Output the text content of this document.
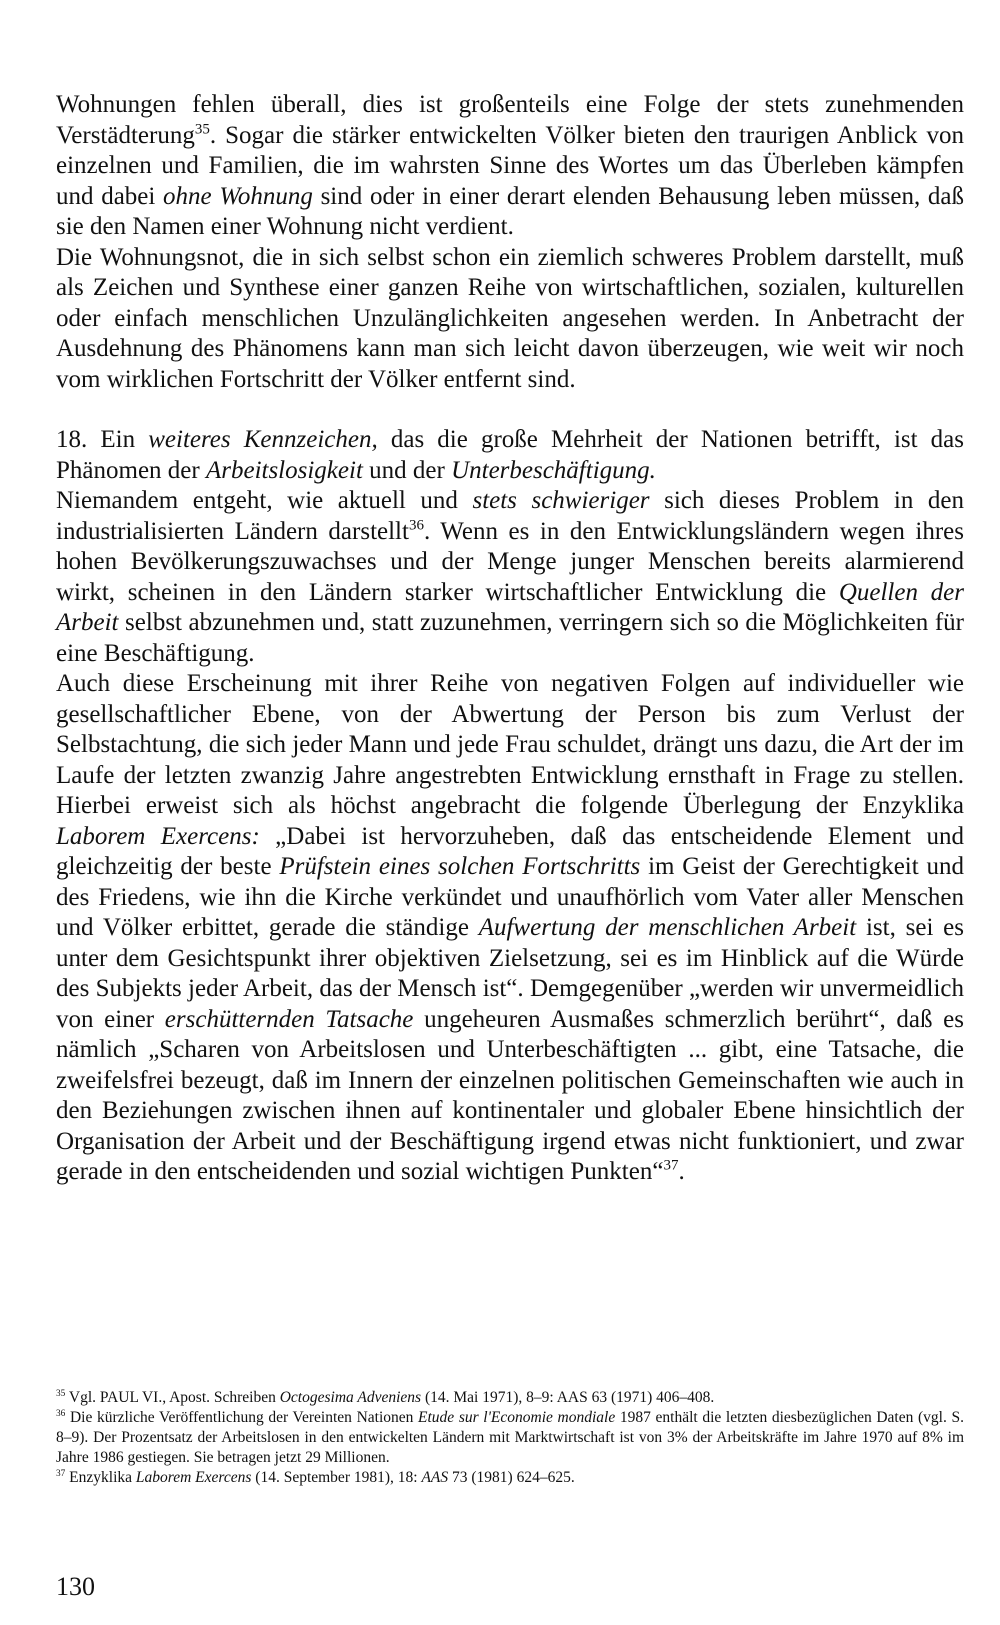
Wohnungen fehlen überall, dies ist großenteils eine Folge der stets zunehmenden Verstädterung$^{35}$. Sogar die stärker entwickelten Völker bieten den traurigen Anblick von einzelnen und Familien, die im wahrsten Sinne des Wortes um das Überleben kämpfen und dabei ohne Wohnung sind oder in einer derart elenden Behausung leben müssen, daß sie den Namen einer Wohnung nicht verdient.

Die Wohnungsnot, die in sich selbst schon ein ziemlich schweres Problem darstellt, muß als Zeichen und Synthese einer ganzen Reihe von wirtschaftlichen, sozialen, kulturellen oder einfach menschlichen Unzulänglichkeiten angesehen werden. In Anbetracht der Ausdehnung des Phänomens kann man sich leicht davon überzeugen, wie weit wir noch vom wirklichen Fortschritt der Völker entfernt sind.

18. Ein weiteres Kennzeichen, das die große Mehrheit der Nationen betrifft, ist das Phänomen der Arbeitslosigkeit und der Unterbeschäftigung.

Niemandem entgeht, wie aktuell und stets schwieriger sich dieses Problem in den industrialisierten Ländern darstellt$^{36}$. Wenn es in den Entwicklungsländern wegen ihres hohen Bevölkerungszuwachses und der Menge junger Menschen bereits alarmierend wirkt, scheinen in den Ländern starker wirtschaftlicher Entwicklung die Quellen der Arbeit selbst abzunehmen und, statt zuzunehmen, verringern sich so die Möglichkeiten für eine Beschäftigung.

Auch diese Erscheinung mit ihrer Reihe von negativen Folgen auf individueller wie gesellschaftlicher Ebene, von der Abwertung der Person bis zum Verlust der Selbstachtung, die sich jeder Mann und jede Frau schuldet, drängt uns dazu, die Art der im Laufe der letzten zwanzig Jahre angestrebten Entwicklung ernsthaft in Frage zu stellen. Hierbei erweist sich als höchst angebracht die folgende Überlegung der Enzyklika Laborem Exercens: „Dabei ist hervorzuheben, daß das entscheidende Element und gleichzeitig der beste Prüfstein eines solchen Fortschritts im Geist der Gerechtigkeit und des Friedens, wie ihn die Kirche verkündet und unaufhörlich vom Vater aller Menschen und Völker erbittet, gerade die ständige Aufwertung der menschlichen Arbeit ist, sei es unter dem Gesichtspunkt ihrer objektiven Zielsetzung, sei es im Hinblick auf die Würde des Subjekts jeder Arbeit, das der Mensch ist“. Demgegenüber „werden wir unvermeidlich von einer erschütternden Tatsache ungeheuren Ausmaßes schmerzlich berührt“, daß es nämlich „Scharen von Arbeitslosen und Unterbeschäftigten ... gibt, eine Tatsache, die zweifelsfrei bezeugt, daß im Innern der einzelnen politischen Gemeinschaften wie auch in den Beziehungen zwischen ihnen auf kontinentaler und globaler Ebene hinsichtlich der Organisation der Arbeit und der Beschäftigung irgend etwas nicht funktioniert, und zwar gerade in den entscheidenden und sozial wichtigen Punkten“$^{37}$.

$^{35}$ Vgl. PAUL VI., Apost. Schreiben Octogesima Adveniens (14. Mai 1971), 8–9: AAS 63 (1971) 406–408.

$^{36}$ Die kürzliche Veröffentlichung der Vereinten Nationen Etude sur l'Economie mondiale 1987 enthält die letzten diesbezüglichen Daten (vgl. S. 8–9). Der Prozentsatz der Arbeitslosen in den entwickelten Ländern mit Marktwirtschaft ist von 3% der Arbeitskräfte im Jahre 1970 auf 8% im Jahre 1986 gestiegen. Sie betragen jetzt 29 Millionen.

$^{37}$ Enzyklika Laborem Exercens (14. September 1981), 18: AAS 73 (1981) 624–625.

130
